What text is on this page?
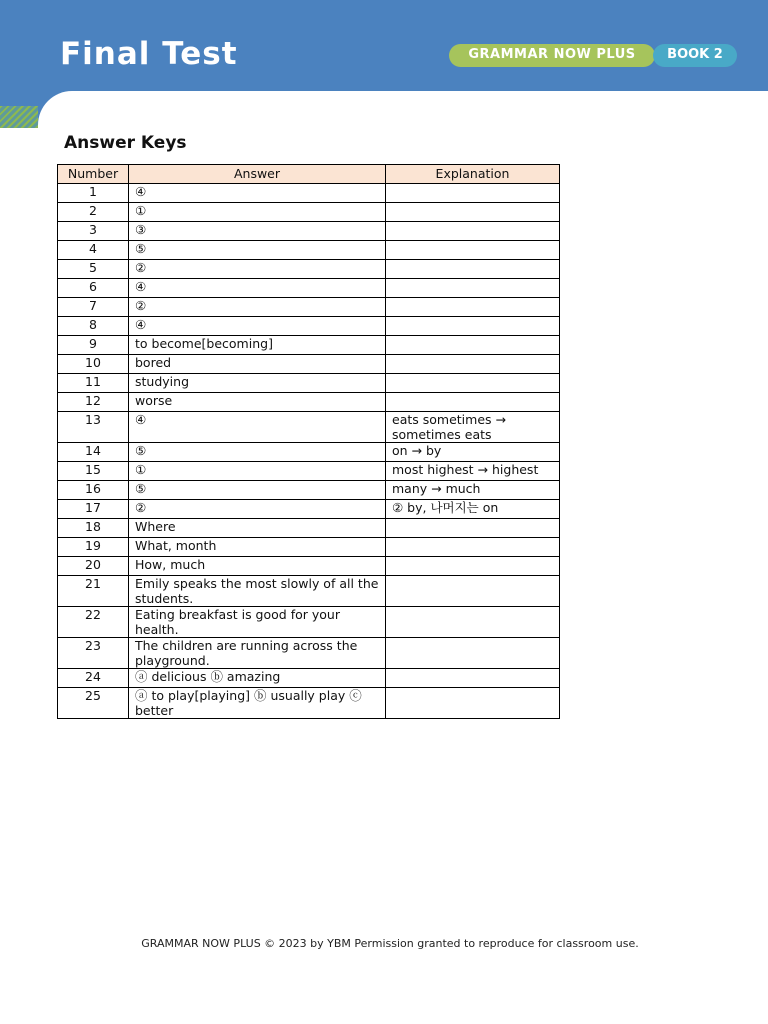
Final Test	GRAMMAR NOW PLUS	BOOK 2
Answer Keys
Number	Answer	Explanation
1	④	
2	①	
3	③	
4	⑤	
5	②	
6	④	
7	②	
8	④	
9	to become[becoming]	
10	bored	
11	studying	
12	worse	
13	④	eats sometimes → sometimes eats
14	⑤	on → by
15	①	most highest → highest
16	⑤	many → much
17	②	② by, 나머지는 on
18	Where	
19	What, month	
20	How, much	
21	Emily speaks the most slowly of all the students.	
22	Eating breakfast is good for your health.	
23	The children are running across the playground.	
24	ⓐ delicious ⓑ amazing	
25	ⓐ to play[playing] ⓑ usually play ⓒ better	
GRAMMAR NOW PLUS © 2023 by YBM Permission granted to reproduce for classroom use.
